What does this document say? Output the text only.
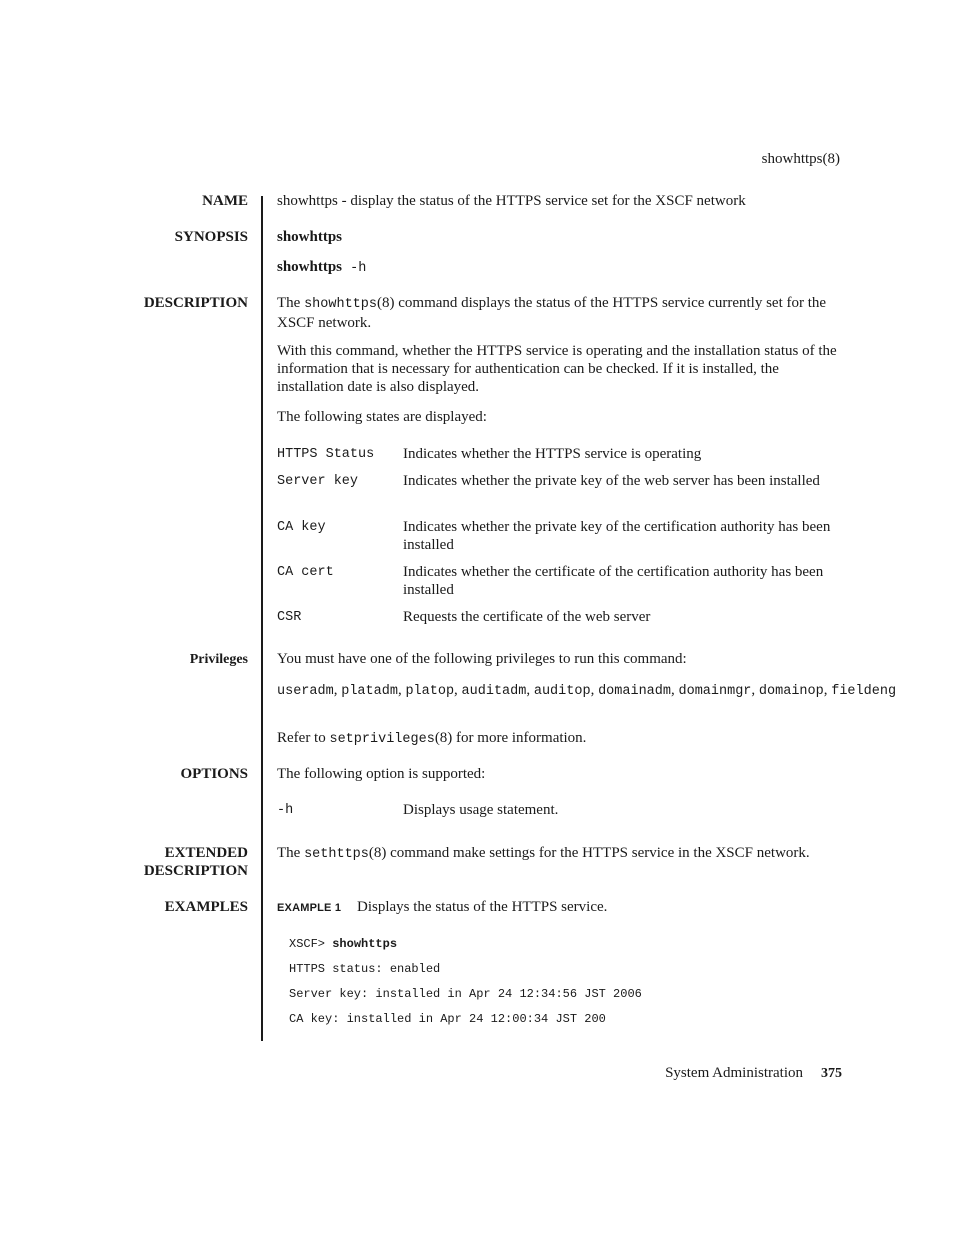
showhttps(8)
NAME showhttps - display the status of the HTTPS service set for the XSCF network
SYNOPSIS showhttps
showhttps -h
DESCRIPTION The showhttps(8) command displays the status of the HTTPS service currently set for the XSCF network.
With this command, whether the HTTPS service is operating and the installation status of the information that is necessary for authentication can be checked. If it is installed, the installation date is also displayed.
The following states are displayed:
HTTPS Status	Indicates whether the HTTPS service is operating
Server key	Indicates whether the private key of the web server has been installed
CA key	Indicates whether the private key of the certification authority has been installed
CA cert	Indicates whether the certificate of the certification authority has been installed
CSR	Requests the certificate of the web server
Privileges You must have one of the following privileges to run this command:
useradm, platadm, platop, auditadm, auditop, domainadm, domainmgr, domainop, fieldeng
Refer to setprivileges(8) for more information.
OPTIONS The following option is supported:
-h	Displays usage statement.
EXTENDED
DESCRIPTION
The sethttps(8) command make settings for the HTTPS service in the XSCF network.
EXAMPLES	EXAMPLE 1 Displays the status of the HTTPS service.
XSCF> showhttps
HTTPS status: enabled
Server key: installed in Apr 24 12:34:56 JST 2006
CA key: installed in Apr 24 12:00:34 JST 200
System Administration 375
